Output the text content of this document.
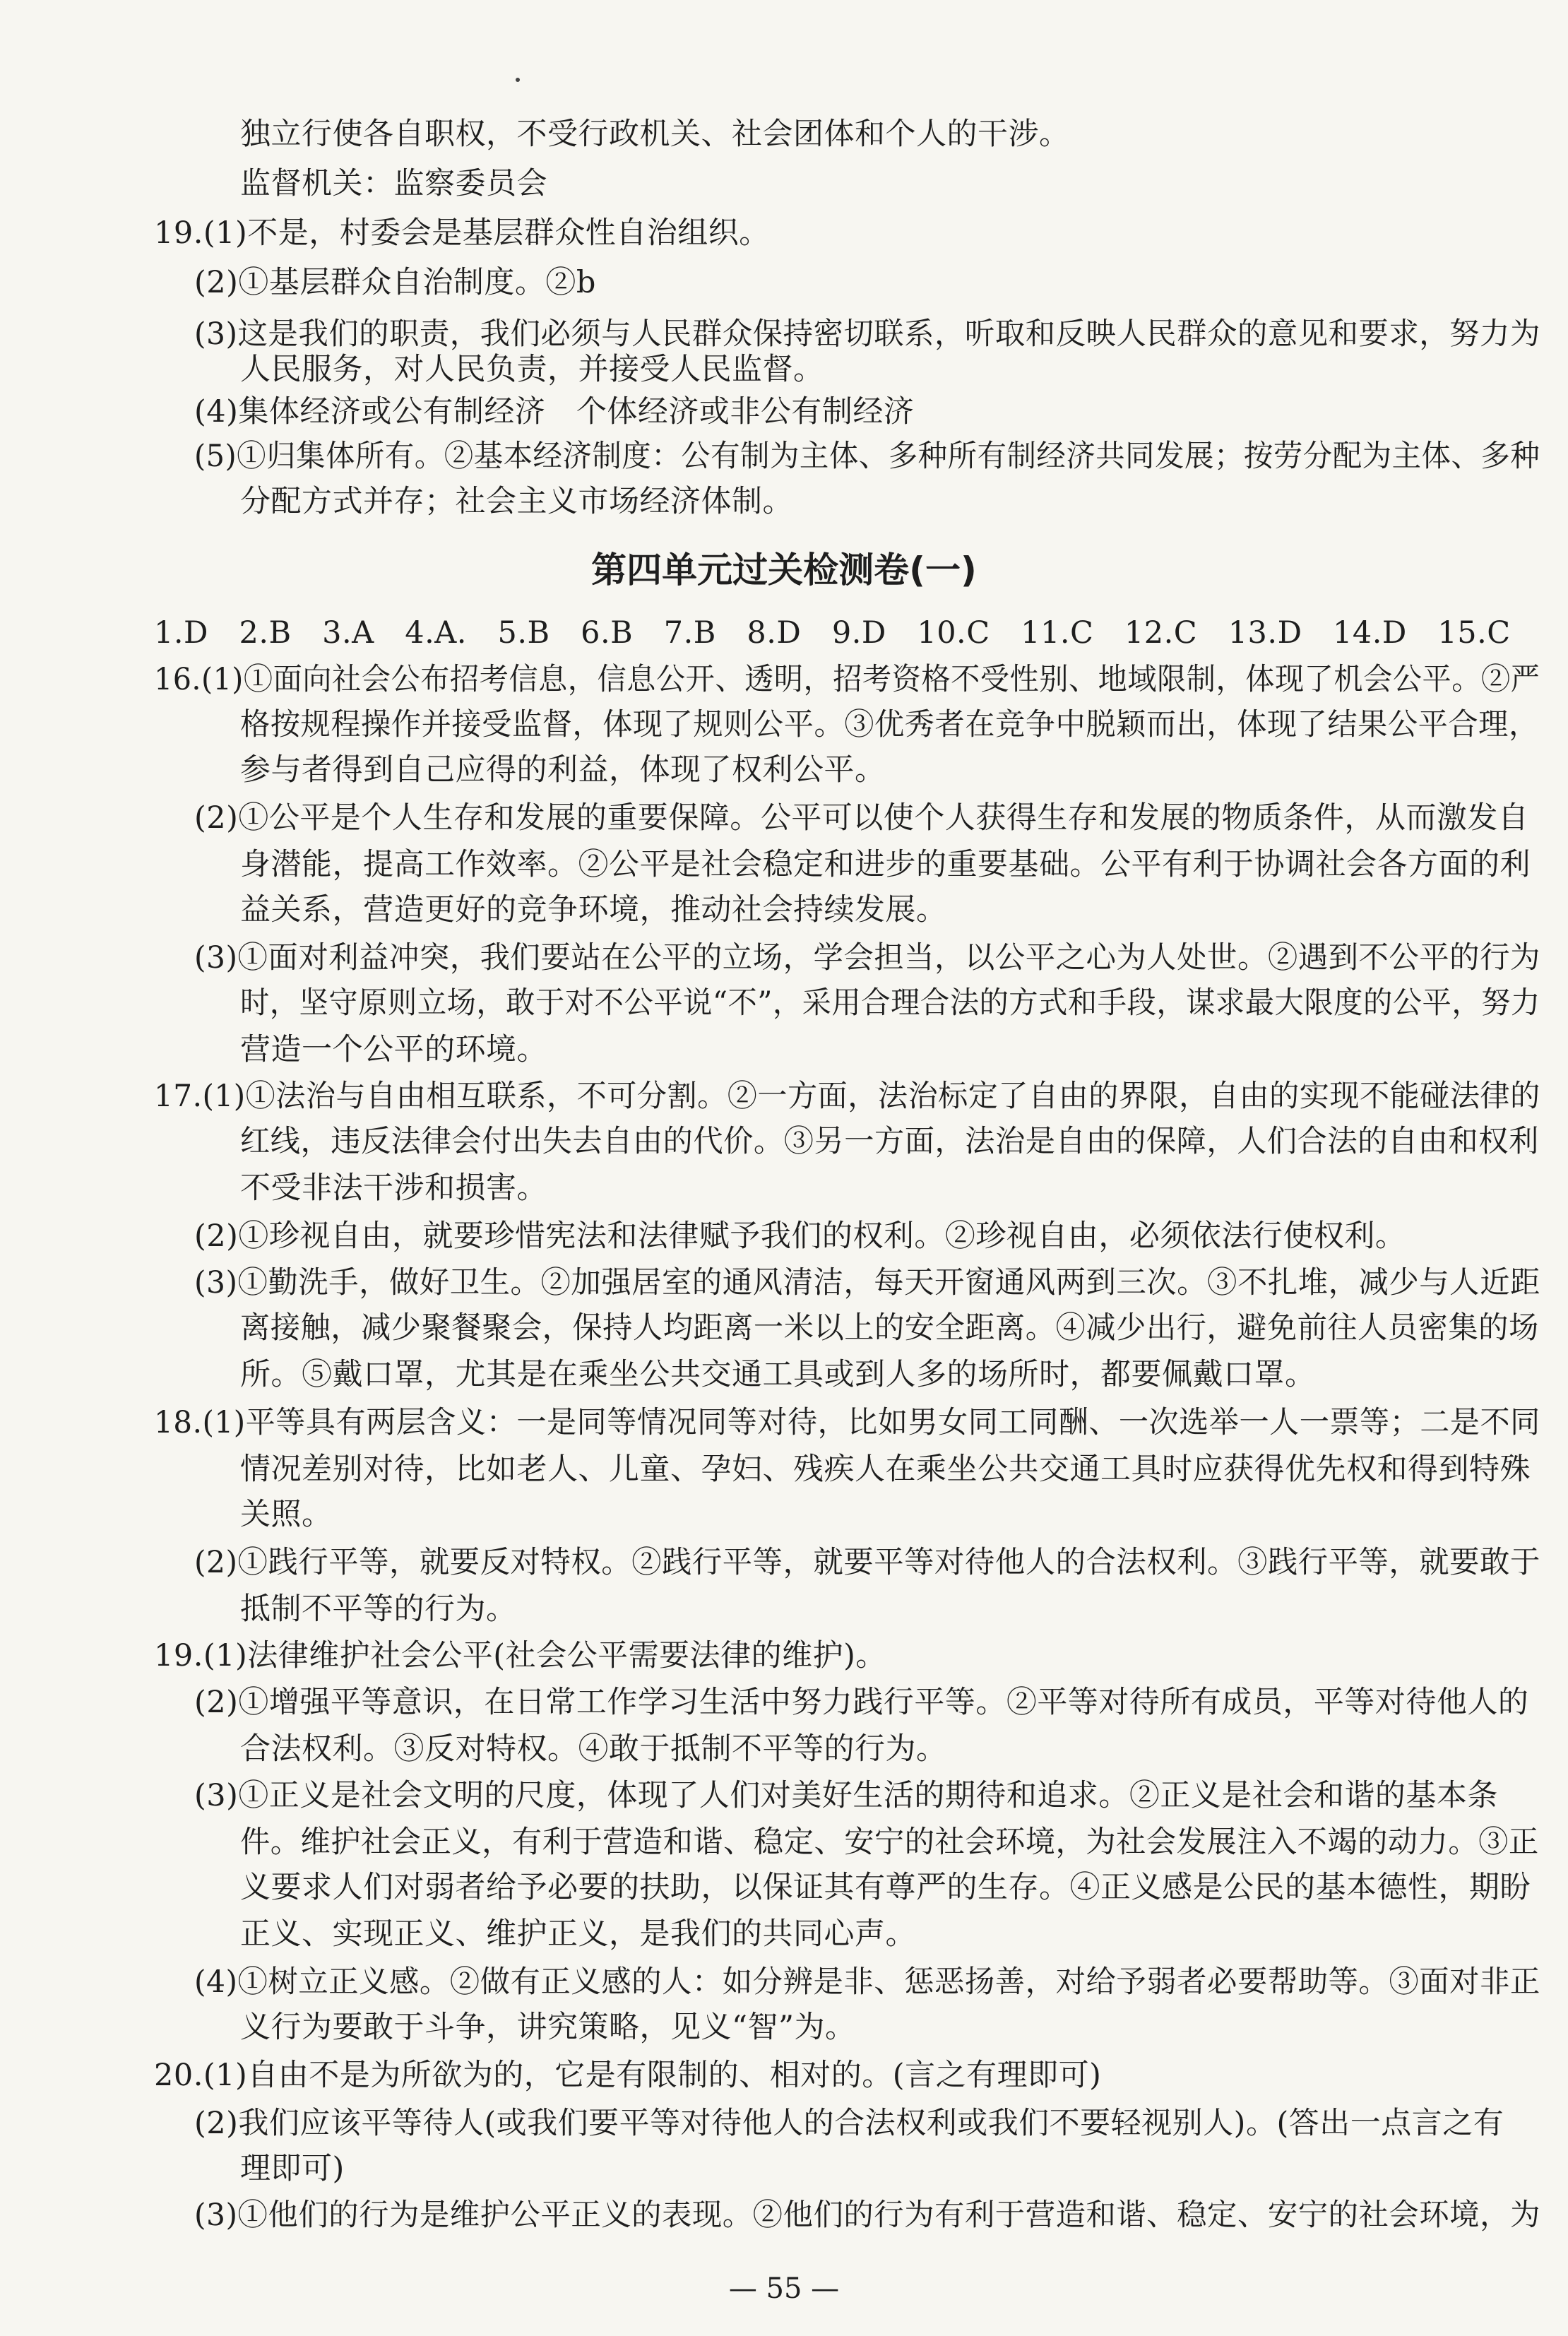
独立行使各自职权，不受行政机关、社会团体和个人的干涉。
监督机关：监察委员会
19.(1)不是，村委会是基层群众性自治组织。
(2)①基层群众自治制度。②b
(3)这是我们的职责，我们必须与人民群众保持密切联系，听取和反映人民群众的意见和要求，努力为
人民服务，对人民负责，并接受人民监督。
(4)集体经济或公有制经济　个体经济或非公有制经济
(5)①归集体所有。②基本经济制度：公有制为主体、多种所有制经济共同发展；按劳分配为主体、多种
分配方式并存；社会主义市场经济体制。
第四单元过关检测卷(一)
1.D　2.B　3.A　4.A.　5.B　6.B　7.B　8.D　9.D　10.C　11.C　12.C　13.D　14.D　15.C
16.(1)①面向社会公布招考信息，信息公开、透明，招考资格不受性别、地域限制，体现了机会公平。②严
格按规程操作并接受监督，体现了规则公平。③优秀者在竞争中脱颖而出，体现了结果公平合理，
参与者得到自己应得的利益，体现了权利公平。
(2)①公平是个人生存和发展的重要保障。公平可以使个人获得生存和发展的物质条件，从而激发自
身潜能，提高工作效率。②公平是社会稳定和进步的重要基础。公平有利于协调社会各方面的利
益关系，营造更好的竞争环境，推动社会持续发展。
(3)①面对利益冲突，我们要站在公平的立场，学会担当，以公平之心为人处世。②遇到不公平的行为
时，坚守原则立场，敢于对不公平说“不”，采用合理合法的方式和手段，谋求最大限度的公平，努力
营造一个公平的环境。
17.(1)①法治与自由相互联系，不可分割。②一方面，法治标定了自由的界限，自由的实现不能碰法律的
红线，违反法律会付出失去自由的代价。③另一方面，法治是自由的保障，人们合法的自由和权利
不受非法干涉和损害。
(2)①珍视自由，就要珍惜宪法和法律赋予我们的权利。②珍视自由，必须依法行使权利。
(3)①勤洗手，做好卫生。②加强居室的通风清洁，每天开窗通风两到三次。③不扎堆，减少与人近距
离接触，减少聚餐聚会，保持人均距离一米以上的安全距离。④减少出行，避免前往人员密集的场
所。⑤戴口罩，尤其是在乘坐公共交通工具或到人多的场所时，都要佩戴口罩。
18.(1)平等具有两层含义：一是同等情况同等对待，比如男女同工同酬、一次选举一人一票等；二是不同
情况差别对待，比如老人、儿童、孕妇、残疾人在乘坐公共交通工具时应获得优先权和得到特殊
关照。
(2)①践行平等，就要反对特权。②践行平等，就要平等对待他人的合法权利。③践行平等，就要敢于
抵制不平等的行为。
19.(1)法律维护社会公平(社会公平需要法律的维护)。
(2)①增强平等意识，在日常工作学习生活中努力践行平等。②平等对待所有成员，平等对待他人的
合法权利。③反对特权。④敢于抵制不平等的行为。
(3)①正义是社会文明的尺度，体现了人们对美好生活的期待和追求。②正义是社会和谐的基本条
件。维护社会正义，有利于营造和谐、稳定、安宁的社会环境，为社会发展注入不竭的动力。③正
义要求人们对弱者给予必要的扶助，以保证其有尊严的生存。④正义感是公民的基本德性，期盼
正义、实现正义、维护正义，是我们的共同心声。
(4)①树立正义感。②做有正义感的人：如分辨是非、惩恶扬善，对给予弱者必要帮助等。③面对非正
义行为要敢于斗争，讲究策略，见义“智”为。
20.(1)自由不是为所欲为的，它是有限制的、相对的。(言之有理即可)
(2)我们应该平等待人(或我们要平等对待他人的合法权利或我们不要轻视别人)。(答出一点言之有
理即可)
(3)①他们的行为是维护公平正义的表现。②他们的行为有利于营造和谐、稳定、安宁的社会环境，为
— 55 —
